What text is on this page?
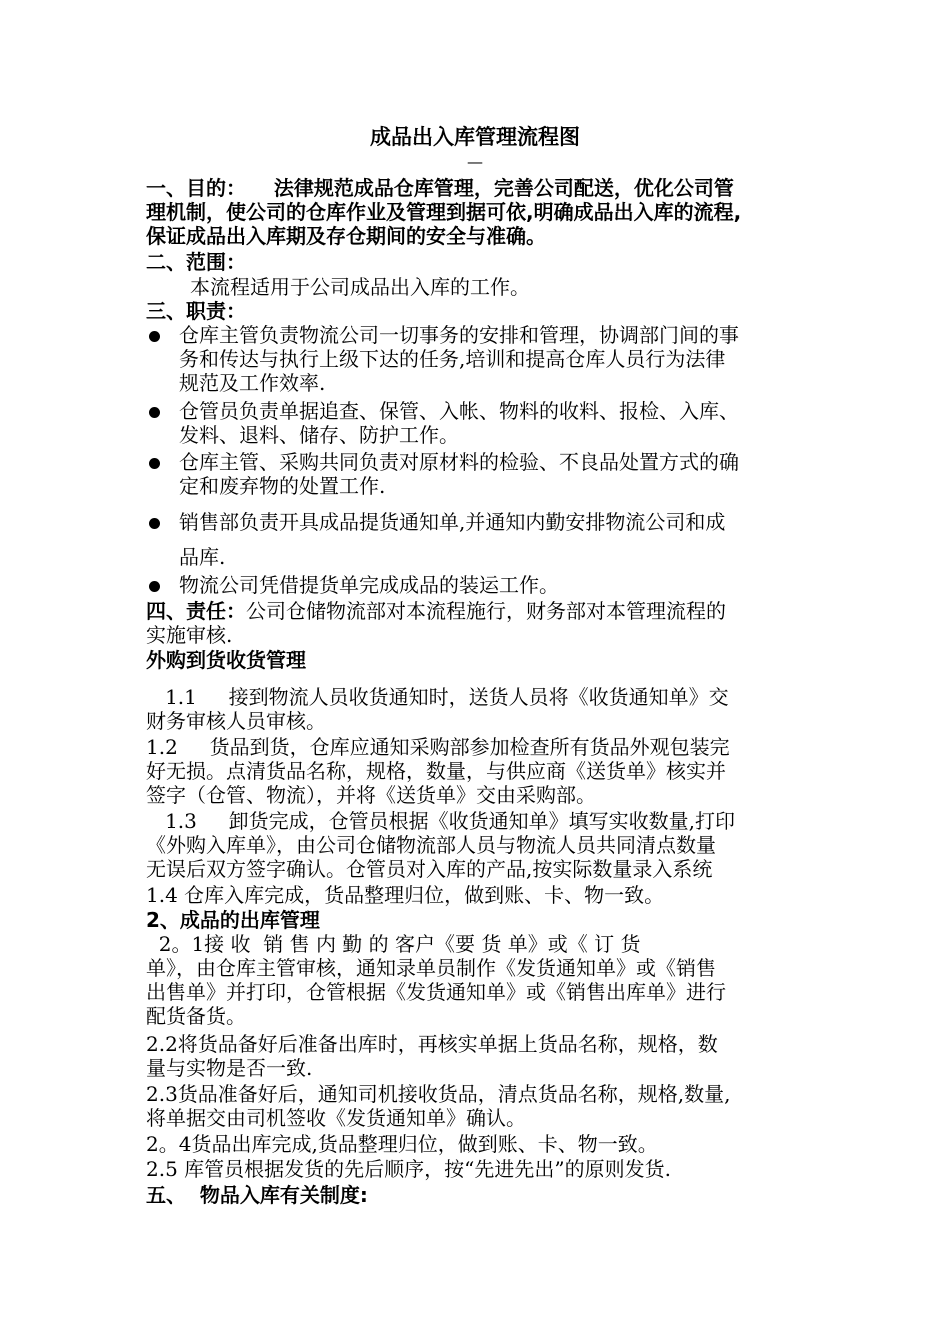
成品出入库管理流程图
—
一、目的：    法律规范成品仓库管理，完善公司配送，优化公司管
理机制，使公司的仓库作业及管理到据可依,明确成品出入库的流程,
保证成品出入库期及存仓期间的安全与准确。
二、范围：
本流程适用于公司成品出入库的工作。
三、职责：
仓库主管负责物流公司一切事务的安排和管理，协调部门间的事
务和传达与执行上级下达的任务,培训和提高仓库人员行为法律
规范及工作效率.
仓管员负责单据追查、保管、入帐、物料的收料、报检、入库、
发料、退料、储存、防护工作。
仓库主管、采购共同负责对原材料的检验、不良品处置方式的确
定和废弃物的处置工作.
销售部负责开具成品提货通知单,并通知内勤安排物流公司和成
品库.
物流公司凭借提货单完成成品的装运工作。
四、责任：公司仓储物流部对本流程施行，财务部对本管理流程的
实施审核.
外购到货收货管理
1.1     接到物流人员收货通知时，送货人员将《收货通知单》交
财务审核人员审核。
1.2     货品到货，仓库应通知采购部参加检查所有货品外观包装完
好无损。点清货品名称，规格，数量，与供应商《送货单》核实并
签字（仓管、物流），并将《送货单》交由采购部。
1.3     卸货完成，仓管员根据《收货通知单》填写实收数量,打印
《外购入库单》，由公司仓储物流部人员与物流人员共同清点数量
无误后双方签字确认。仓管员对入库的产品,按实际数量录入系统
1.4 仓库入库完成，货品整理归位，做到账、卡、物一致。
2、成品的出库管理
2。1接 收  销 售 内 勤 的 客户《要 货 单》或《 订 货
单》，由仓库主管审核，通知录单员制作《发货通知单》或《销售
出售单》并打印，仓管根据《发货通知单》或《销售出库单》进行
配货备货。
2.2将货品备好后准备出库时，再核实单据上货品名称，规格，数
量与实物是否一致.
2.3货品准备好后，通知司机接收货品，清点货品名称，规格,数量,
将单据交由司机签收《发货通知单》确认。
2。4货品出库完成,货品整理归位，做到账、卡、物一致。
2.5 库管员根据发货的先后顺序，按“先进先出”的原则发货.
五、  物品入库有关制度:
